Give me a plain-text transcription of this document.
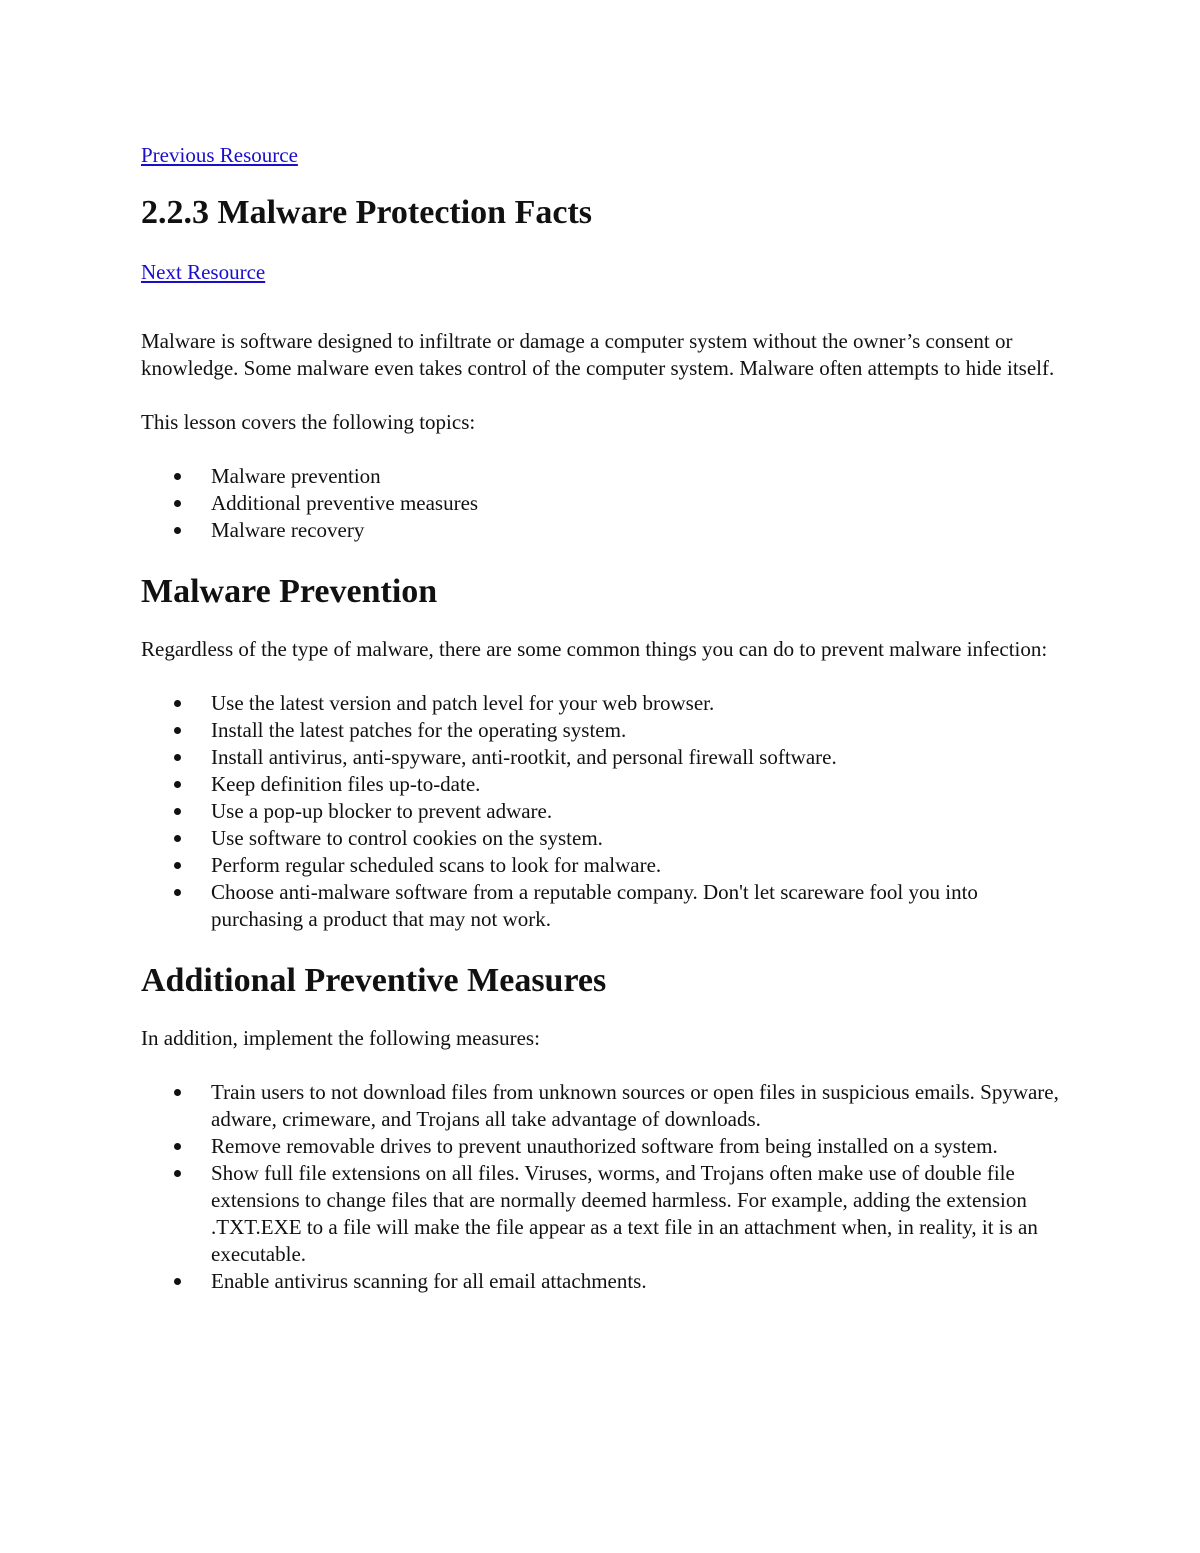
Previous Resource
2.2.3 Malware Protection Facts
Next Resource

Malware is software designed to infiltrate or damage a computer system without the owner’s consent or knowledge. Some malware even takes control of the computer system. Malware often attempts to hide itself.

This lesson covers the following topics:

Malware prevention
Additional preventive measures
Malware recovery
Malware Prevention

Regardless of the type of malware, there are some common things you can do to prevent malware infection:

Use the latest version and patch level for your web browser.
Install the latest patches for the operating system.
Install antivirus, anti-spyware, anti-rootkit, and personal firewall software.
Keep definition files up-to-date.
Use a pop-up blocker to prevent adware.
Use software to control cookies on the system.
Perform regular scheduled scans to look for malware.
Choose anti-malware software from a reputable company. Don't let scareware fool you into purchasing a product that may not work.
Additional Preventive Measures

In addition, implement the following measures:

Train users to not download files from unknown sources or open files in suspicious emails. Spyware, adware, crimeware, and Trojans all take advantage of downloads.
Remove removable drives to prevent unauthorized software from being installed on a system.
Show full file extensions on all files. Viruses, worms, and Trojans often make use of double file extensions to change files that are normally deemed harmless. For example, adding the extension .TXT.EXE to a file will make the file appear as a text file in an attachment when, in reality, it is an executable.
Enable antivirus scanning for all email attachments.
